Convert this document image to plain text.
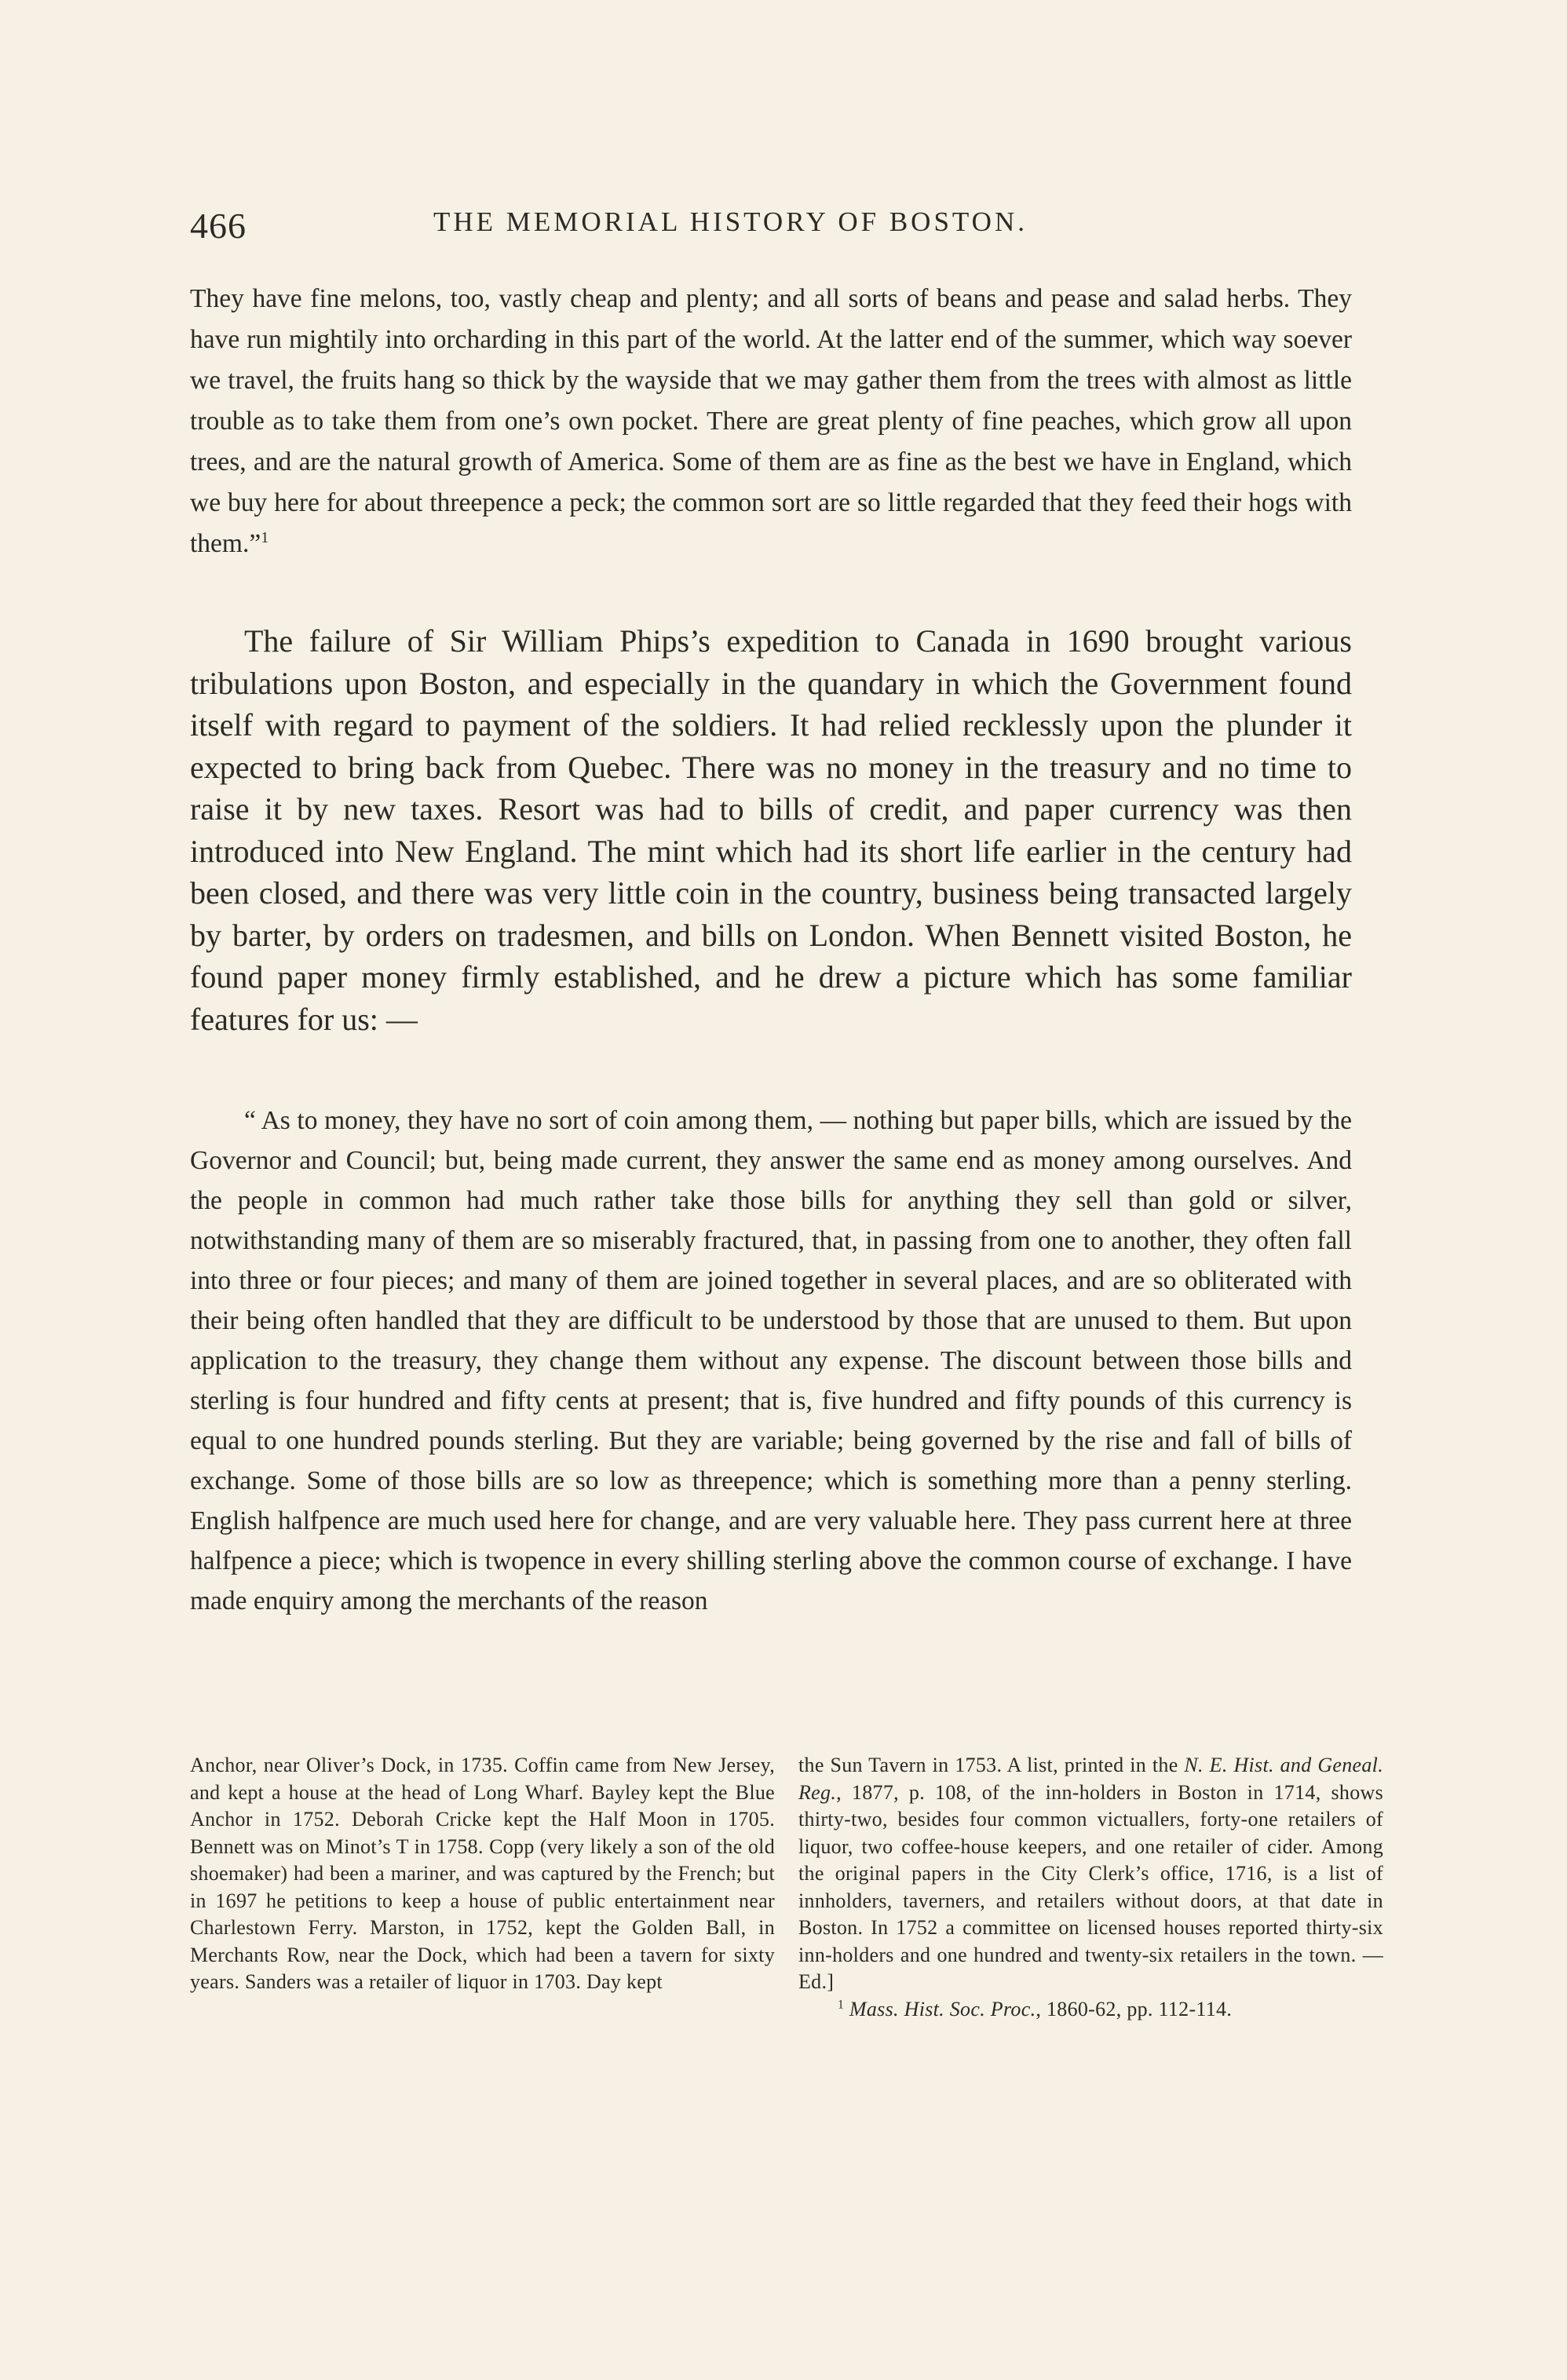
466	THE MEMORIAL HISTORY OF BOSTON.

They have fine melons, too, vastly cheap and plenty; and all sorts of beans and pease and salad herbs. They have run mightily into orcharding in this part of the world. At the latter end of the summer, which way soever we travel, the fruits hang so thick by the wayside that we may gather them from the trees with almost as little trouble as to take them from one’s own pocket. There are great plenty of fine peaches, which grow all upon trees, and are the natural growth of America. Some of them are as fine as the best we have in England, which we buy here for about threepence a peck; the common sort are so little regarded that they feed their hogs with them.”$^1$

The failure of Sir William Phips’s expedition to Canada in 1690 brought various tribulations upon Boston, and especially in the quandary in which the Government found itself with regard to payment of the soldiers. It had relied recklessly upon the plunder it expected to bring back from Quebec. There was no money in the treasury and no time to raise it by new taxes. Resort was had to bills of credit, and paper currency was then introduced into New England. The mint which had its short life earlier in the century had been closed, and there was very little coin in the country, business being transacted largely by barter, by orders on tradesmen, and bills on London. When Bennett visited Boston, he found paper money firmly established, and he drew a picture which has some familiar features for us: —

“ As to money, they have no sort of coin among them, — nothing but paper bills, which are issued by the Governor and Council; but, being made current, they answer the same end as money among ourselves. And the people in common had much rather take those bills for anything they sell than gold or silver, notwithstanding many of them are so miserably fractured, that, in passing from one to another, they often fall into three or four pieces; and many of them are joined together in several places, and are so obliterated with their being often handled that they are difficult to be understood by those that are unused to them. But upon application to the treasury, they change them without any expense. The discount between those bills and sterling is four hundred and fifty cents at present; that is, five hundred and fifty pounds of this currency is equal to one hundred pounds sterling. But they are variable; being governed by the rise and fall of bills of exchange. Some of those bills are so low as threepence; which is something more than a penny sterling. English halfpence are much used here for change, and are very valuable here. They pass current here at three halfpence a piece; which is twopence in every shilling sterling above the common course of exchange. I have made enquiry among the merchants of the reason

Anchor, near Oliver’s Dock, in 1735. Coffin came from New Jersey, and kept a house at the head of Long Wharf. Bayley kept the Blue Anchor in 1752. Deborah Cricke kept the Half Moon in 1705. Bennett was on Minot’s T in 1758. Copp (very likely a son of the old shoemaker) had been a mariner, and was captured by the French; but in 1697 he petitions to keep a house of public entertainment near Charlestown Ferry. Marston, in 1752, kept the Golden Ball, in Merchants Row, near the Dock, which had been a tavern for sixty years. Sanders was a retailer of liquor in 1703. Day kept

the Sun Tavern in 1753. A list, printed in the N. E. Hist. and Geneal. Reg., 1877, p. 108, of the inn-holders in Boston in 1714, shows thirty-two, besides four common victuallers, forty-one retailers of liquor, two coffee-house keepers, and one retailer of cider. Among the original papers in the City Clerk’s office, 1716, is a list of innholders, taverners, and retailers without doors, at that date in Boston. In 1752 a committee on licensed houses reported thirty-six inn-holders and one hundred and twenty-six retailers in the town. — Ed.]

$^1$ Mass. Hist. Soc. Proc., 1860-62, pp. 112-114.
